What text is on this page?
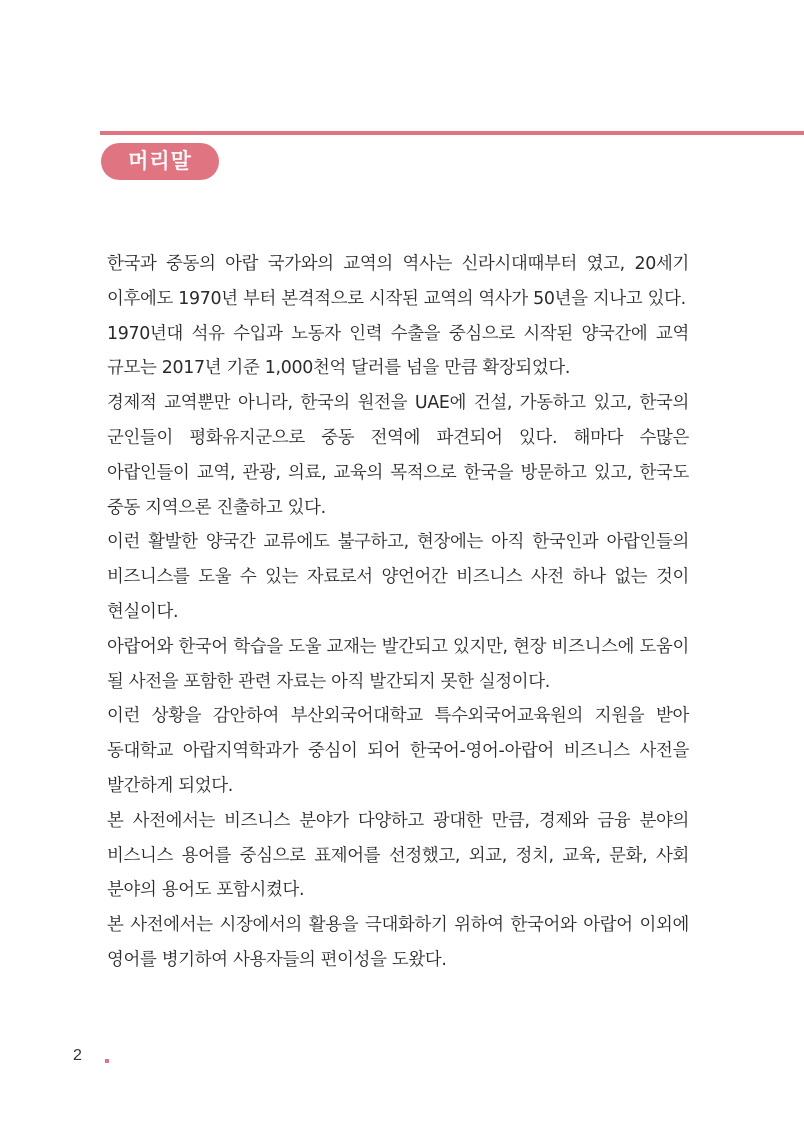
머리말

한국과 중동의 아랍 국가와의 교역의 역사는 신라시대때부터 였고, 20세기 이후에도 1970년 부터 본격적으로 시작된 교역의 역사가 50년을 지나고 있다.

1970년대 석유 수입과 노동자 인력 수출을 중심으로 시작된 양국간에 교역 규모는 2017년 기준 1,000천억 달러를 넘을 만큼 확장되었다.

경제적 교역뿐만 아니라, 한국의 원전을 UAE에 건설, 가동하고 있고, 한국의 군인들이 평화유지군으로 중동 전역에 파견되어 있다. 해마다 수많은 아랍인들이 교역, 관광, 의료, 교육의 목적으로 한국을 방문하고 있고, 한국도 중동 지역으론 진출하고 있다.

이런 활발한 양국간 교류에도 불구하고, 현장에는 아직 한국인과 아랍인들의 비즈니스를 도울 수 있는 자료로서 양언어간 비즈니스 사전 하나 없는 것이 현실이다.

아랍어와 한국어 학습을 도울 교재는 발간되고 있지만, 현장 비즈니스에 도움이 될 사전을 포함한 관련 자료는 아직 발간되지 못한 실정이다.

이런 상황을 감안하여 부산외국어대학교 특수외국어교육원의 지원을 받아 동대학교 아랍지역학과가 중심이 되어 한국어-영어-아랍어 비즈니스 사전을 발간하게 되었다.

본 사전에서는 비즈니스 분야가 다양하고 광대한 만큼, 경제와 금융 분야의 비스니스 용어를 중심으로 표제어를 선정했고, 외교, 정치, 교육, 문화, 사회 분야의 용어도 포함시켰다.

본 사전에서는 시장에서의 활용을 극대화하기 위하여 한국어와 아랍어 이외에 영어를 병기하여 사용자들의 편이성을 도왔다.

2
